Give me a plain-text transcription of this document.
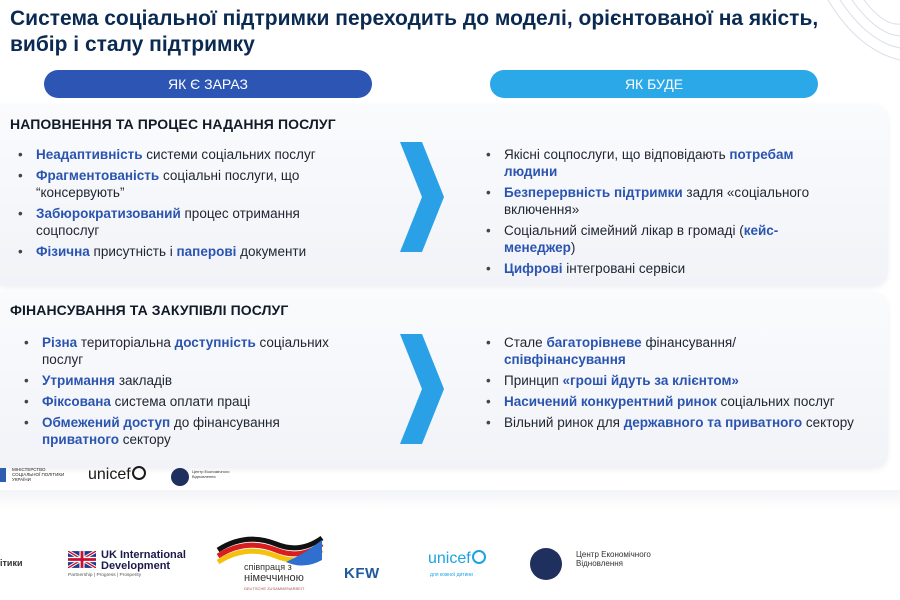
Система соціальної підтримки переходить до моделі, орієнтованої на якість, вибір і сталу підтримку
ЯК Є ЗАРАЗ	ЯК БУДЕ
НАПОВНЕННЯ ТА ПРОЦЕС НАДАННЯ ПОСЛУГ
• Неадаптивність системи соціальних послуг
• Фрагментованість соціальні послуги, що “консервують”
• Забюрократизований процес отримання соцпослуг
• Фізична присутність і паперові документи
• Якісні соцпослуги, що відповідають потребам людини
• Безперервність підтримки задля «соціального включення»
• Соціальний сімейний лікар в громаді (кейс-менеджер)
• Цифрові інтегровані сервіси
ФІНАНСУВАННЯ ТА ЗАКУПІВЛІ ПОСЛУГ
• Різна територіальна доступність соціальних послуг
• Утримання закладів
• Фіксована система оплати праці
• Обмежений доступ до фінансування приватного сектору
• Стале багаторівневе фінансування/ співфінансування
• Принцип «гроші йдуть за клієнтом»
• Насичений конкурентний ринок соціальних послуг
• Вільний ринок для державного та приватного сектору
МІНІСТЕРСТВО СОЦІАЛЬНОЇ ПОЛІТИКИ УКРАЇНИ	unicef	Центр Економічного Відновлення
ітики
UK International
Development
Partnership | Progress | Prosperity
співпраця з
німеччиною
DEUTSCHE ZUSAMMENARBEIT
KFW
unicef
для кожної дитини
Центр Економічного Відновлення
